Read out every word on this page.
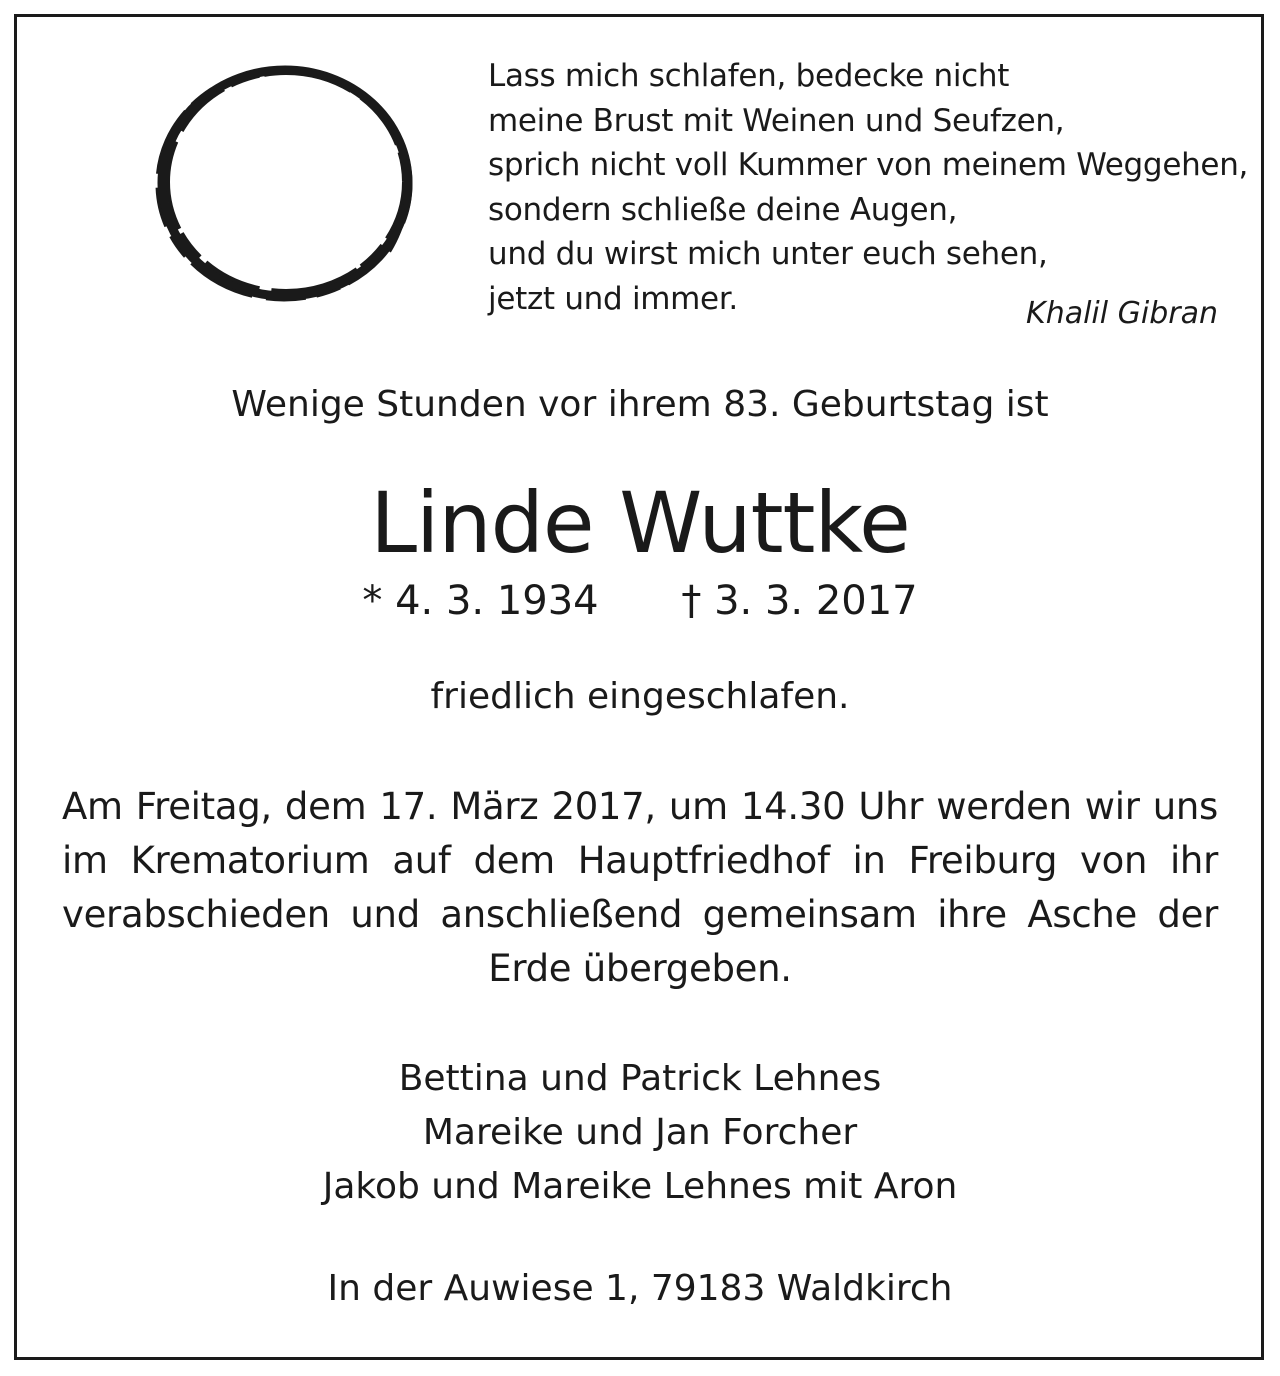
Lass mich schlafen, bedecke nicht
meine Brust mit Weinen und Seufzen,
sprich nicht voll Kummer von meinem Weggehen,
sondern schließe deine Augen,
und du wirst mich unter euch sehen,
jetzt und immer.	Khalil Gibran
Wenige Stunden vor ihrem 83. Geburtstag ist
Linde Wuttke
* 4. 3. 1934 † 3. 3. 2017
friedlich eingeschlafen.
Am Freitag, dem 17. März 2017, um 14.30 Uhr werden wir uns im Krematorium auf dem Hauptfriedhof in Freiburg von ihr verabschieden und anschließend gemeinsam ihre Asche der Erde übergeben.
Bettina und Patrick Lehnes
Mareike und Jan Forcher
Jakob und Mareike Lehnes mit Aron
In der Auwiese 1, 79183 Waldkirch
